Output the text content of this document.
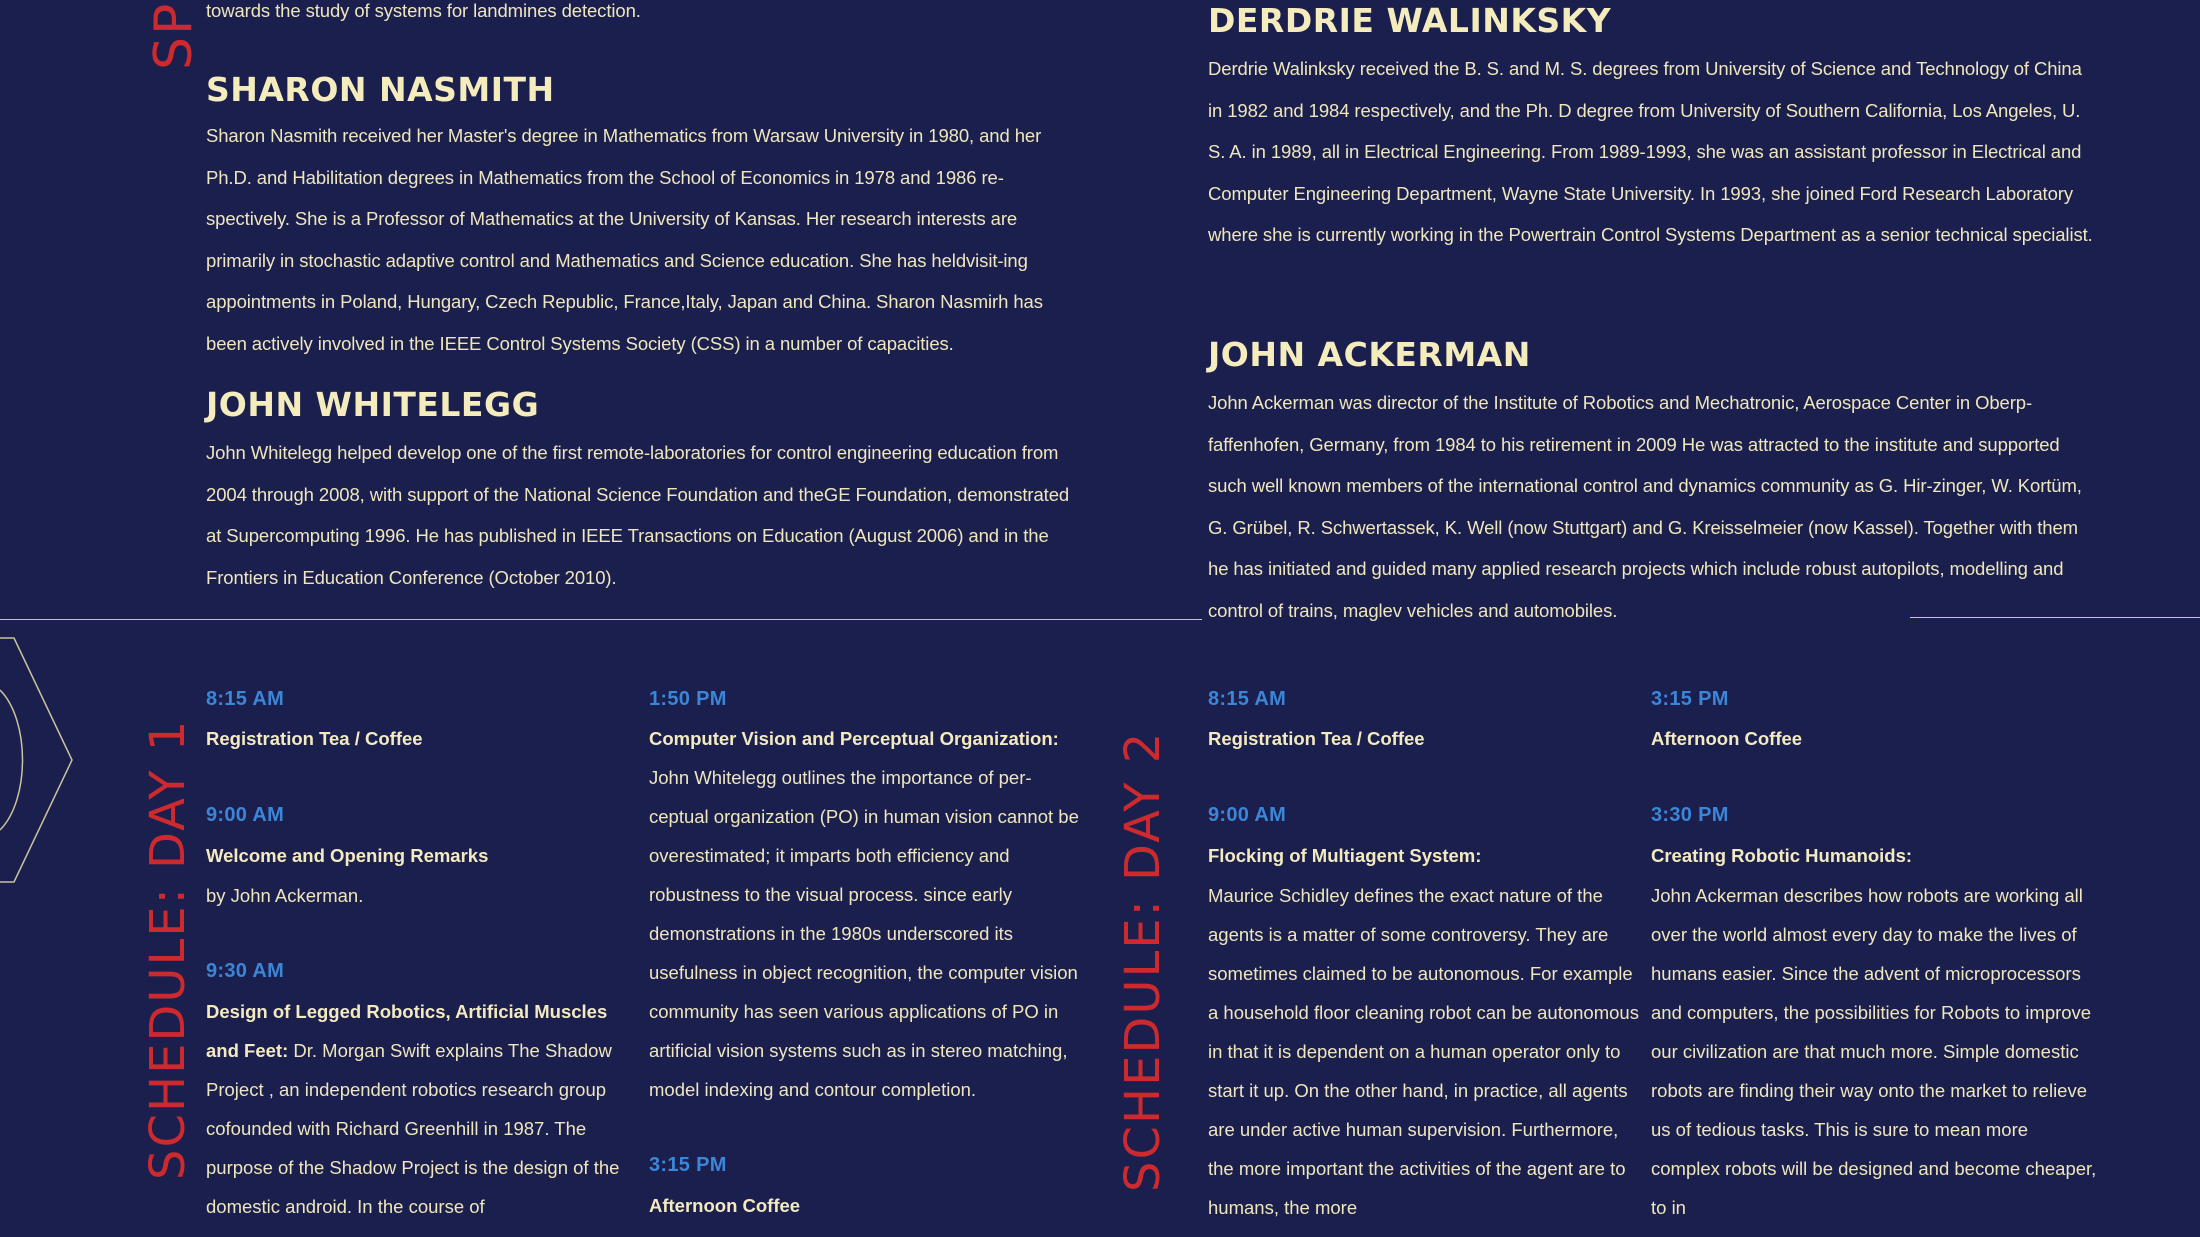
SP towards the study of systems for landmines detection.

SHARON NASMITH

Sharon Nasmith received her Master's degree in Mathematics from Warsaw University in 1980, and her Ph.D. and Habilitation degrees in Mathematics from the School of Economics in 1978 and 1986 re-spectively. She is a Professor of Mathematics at the University of Kansas. Her research interests are primarily in stochastic adaptive control and Mathematics and Science education. She has heldvisit-ing appointments in Poland, Hungary, Czech Republic, France,Italy, Japan and China. Sharon Nasmirh has been actively involved in the IEEE Control Systems Society (CSS) in a number of capacities.

JOHN WHITELEGG

John Whitelegg helped develop one of the first remote-laboratories for control engineering education from 2004 through 2008, with support of the National Science Foundation and theGE Foundation, demonstrated at Supercomputing 1996. He has published in IEEE Transactions on Education (August 2006) and in the Frontiers in Education Conference (October 2010).

DERDRIE WALINKSKY

Derdrie Walinksky received the B. S. and M. S. degrees from University of Science and Technology of China in 1982 and 1984 respectively, and the Ph. D degree from University of Southern California, Los Angeles, U. S. A. in 1989, all in Electrical Engineering. From 1989-1993, she was an assistant professor in Electrical and Computer Engineering Department, Wayne State University. In 1993, she joined Ford Research Laboratory where she is currently working in the Powertrain Control Systems Department as a senior technical specialist.

JOHN ACKERMAN

John Ackerman was director of the Institute of Robotics and Mechatronic, Aerospace Center in Oberp-faffenhofen, Germany, from 1984 to his retirement in 2009 He was attracted to the institute and supported such well known members of the international control and dynamics community as G. Hir-zinger, W. Kortüm, G. Grübel, R. Schwertassek, K. Well (now Stuttgart) and G. Kreisselmeier (now Kassel). Together with them he has initiated and guided many applied research projects which include robust autopilots, modelling and control of trains, maglev vehicles and automobiles.

SCHEDULE: DAY 1
8:15 AM
Registration Tea / Coffee
9:00 AM
Welcome and Opening Remarks
by John Ackerman.
9:30 AM

Design of Legged Robotics, Artificial Muscles and Feet: Dr. Morgan Swift explains The Shadow Project , an independent robotics research group cofounded with Richard Greenhill in 1987. The purpose of the Shadow Project is the design of the domestic android. In the course of

1:50 PM
Computer Vision and Perceptual Organization:

John Whitelegg outlines the importance of per-ceptual organization (PO) in human vision cannot be overestimated; it imparts both efficiency and robustness to the visual process. since early demonstrations in the 1980s underscored its usefulness in object recognition, the computer vision community has seen various applications of PO in artificial vision systems such as in stereo matching, model indexing and contour completion.

3:15 PM
Afternoon Coffee
SCHEDULE: DAY 2
8:15 AM
Registration Tea / Coffee
9:00 AM
Flocking of Multiagent System:

Maurice Schidley defines the exact nature of the agents is a matter of some controversy. They are sometimes claimed to be autonomous. For example a household floor cleaning robot can be autonomous in that it is dependent on a human operator only to start it up. On the other hand, in practice, all agents are under active human supervision. Furthermore, the more important the activities of the agent are to humans, the more

3:15 PM
Afternoon Coffee
3:30 PM
Creating Robotic Humanoids:

John Ackerman describes how robots are working all over the world almost every day to make the lives of humans easier. Since the advent of microprocessors and computers, the possibilities for Robots to improve our civilization are that much more. Simple domestic robots are finding their way onto the market to relieve us of tedious tasks. This is sure to mean more complex robots will be designed and become cheaper, to in
